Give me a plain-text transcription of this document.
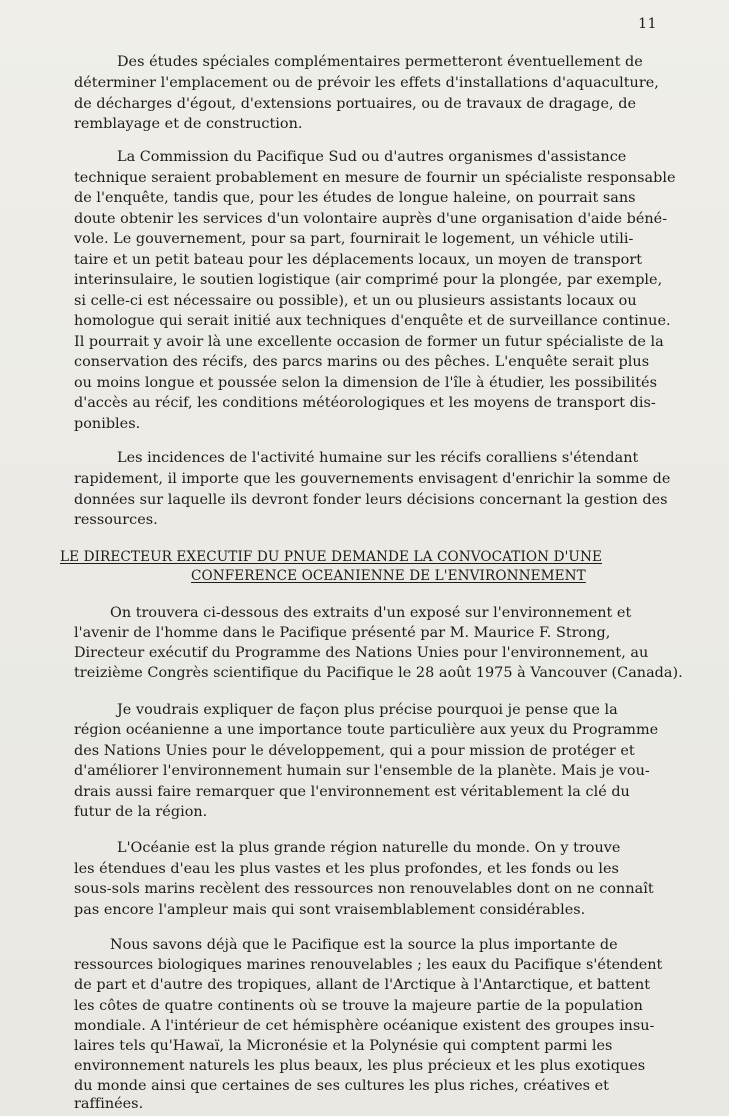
11
Des études spéciales complémentaires permetteront éventuellement de
déterminer l'emplacement ou de prévoir les effets d'installations d'aquaculture,
de décharges d'égout, d'extensions portuaires, ou de travaux de dragage, de
remblayage et de construction.
La Commission du Pacifique Sud ou d'autres organismes d'assistance
technique seraient probablement en mesure de fournir un spécialiste responsable
de l'enquête, tandis que, pour les études de longue haleine, on pourrait sans
doute obtenir les services d'un volontaire auprès d'une organisation d'aide béné-
vole. Le gouvernement, pour sa part, fournirait le logement, un véhicle utili-
taire et un petit bateau pour les déplacements locaux, un moyen de transport
interinsulaire, le soutien logistique (air comprimé pour la plongée, par exemple,
si celle-ci est nécessaire ou possible), et un ou plusieurs assistants locaux ou
homologue qui serait initié aux techniques d'enquête et de surveillance continue.
Il pourrait y avoir là une excellente occasion de former un futur spécialiste de la
conservation des récifs, des parcs marins ou des pêches. L'enquête serait plus
ou moins longue et poussée selon la dimension de l'île à étudier, les possibilités
d'accès au récif, les conditions météorologiques et les moyens de transport dis-
ponibles.
Les incidences de l'activité humaine sur les récifs coralliens s'étendant
rapidement, il importe que les gouvernements envisagent d'enrichir la somme de
données sur laquelle ils devront fonder leurs décisions concernant la gestion des
ressources.
LE DIRECTEUR EXECUTIF DU PNUE DEMANDE LA CONVOCATION D'UNE
CONFERENCE OCEANIENNE DE L'ENVIRONNEMENT
On trouvera ci-dessous des extraits d'un exposé sur l'environnement et
l'avenir de l'homme dans le Pacifique présenté par M. Maurice F. Strong,
Directeur exécutif du Programme des Nations Unies pour l'environnement, au
treizième Congrès scientifique du Pacifique le 28 août 1975 à Vancouver (Canada).
Je voudrais expliquer de façon plus précise pourquoi je pense que la
région océanienne a une importance toute particulière aux yeux du Programme
des Nations Unies pour le développement, qui a pour mission de protéger et
d'améliorer l'environnement humain sur l'ensemble de la planète. Mais je vou-
drais aussi faire remarquer que l'environnement est véritablement la clé du
futur de la région.
L'Océanie est la plus grande région naturelle du monde. On y trouve
les étendues d'eau les plus vastes et les plus profondes, et les fonds ou les
sous-sols marins recèlent des ressources non renouvelables dont on ne connaît
pas encore l'ampleur mais qui sont vraisemblablement considérables.
Nous savons déjà que le Pacifique est la source la plus importante de
ressources biologiques marines renouvelables ; les eaux du Pacifique s'étendent
de part et d'autre des tropiques, allant de l'Arctique à l'Antarctique, et battent
les côtes de quatre continents où se trouve la majeure partie de la population
mondiale. A l'intérieur de cet hémisphère océanique existent des groupes insu-
laires tels qu'Hawaï, la Micronésie et la Polynésie qui comptent parmi les
environnement naturels les plus beaux, les plus précieux et les plus exotiques
du monde ainsi que certaines de ses cultures les plus riches, créatives et
raffinées.
